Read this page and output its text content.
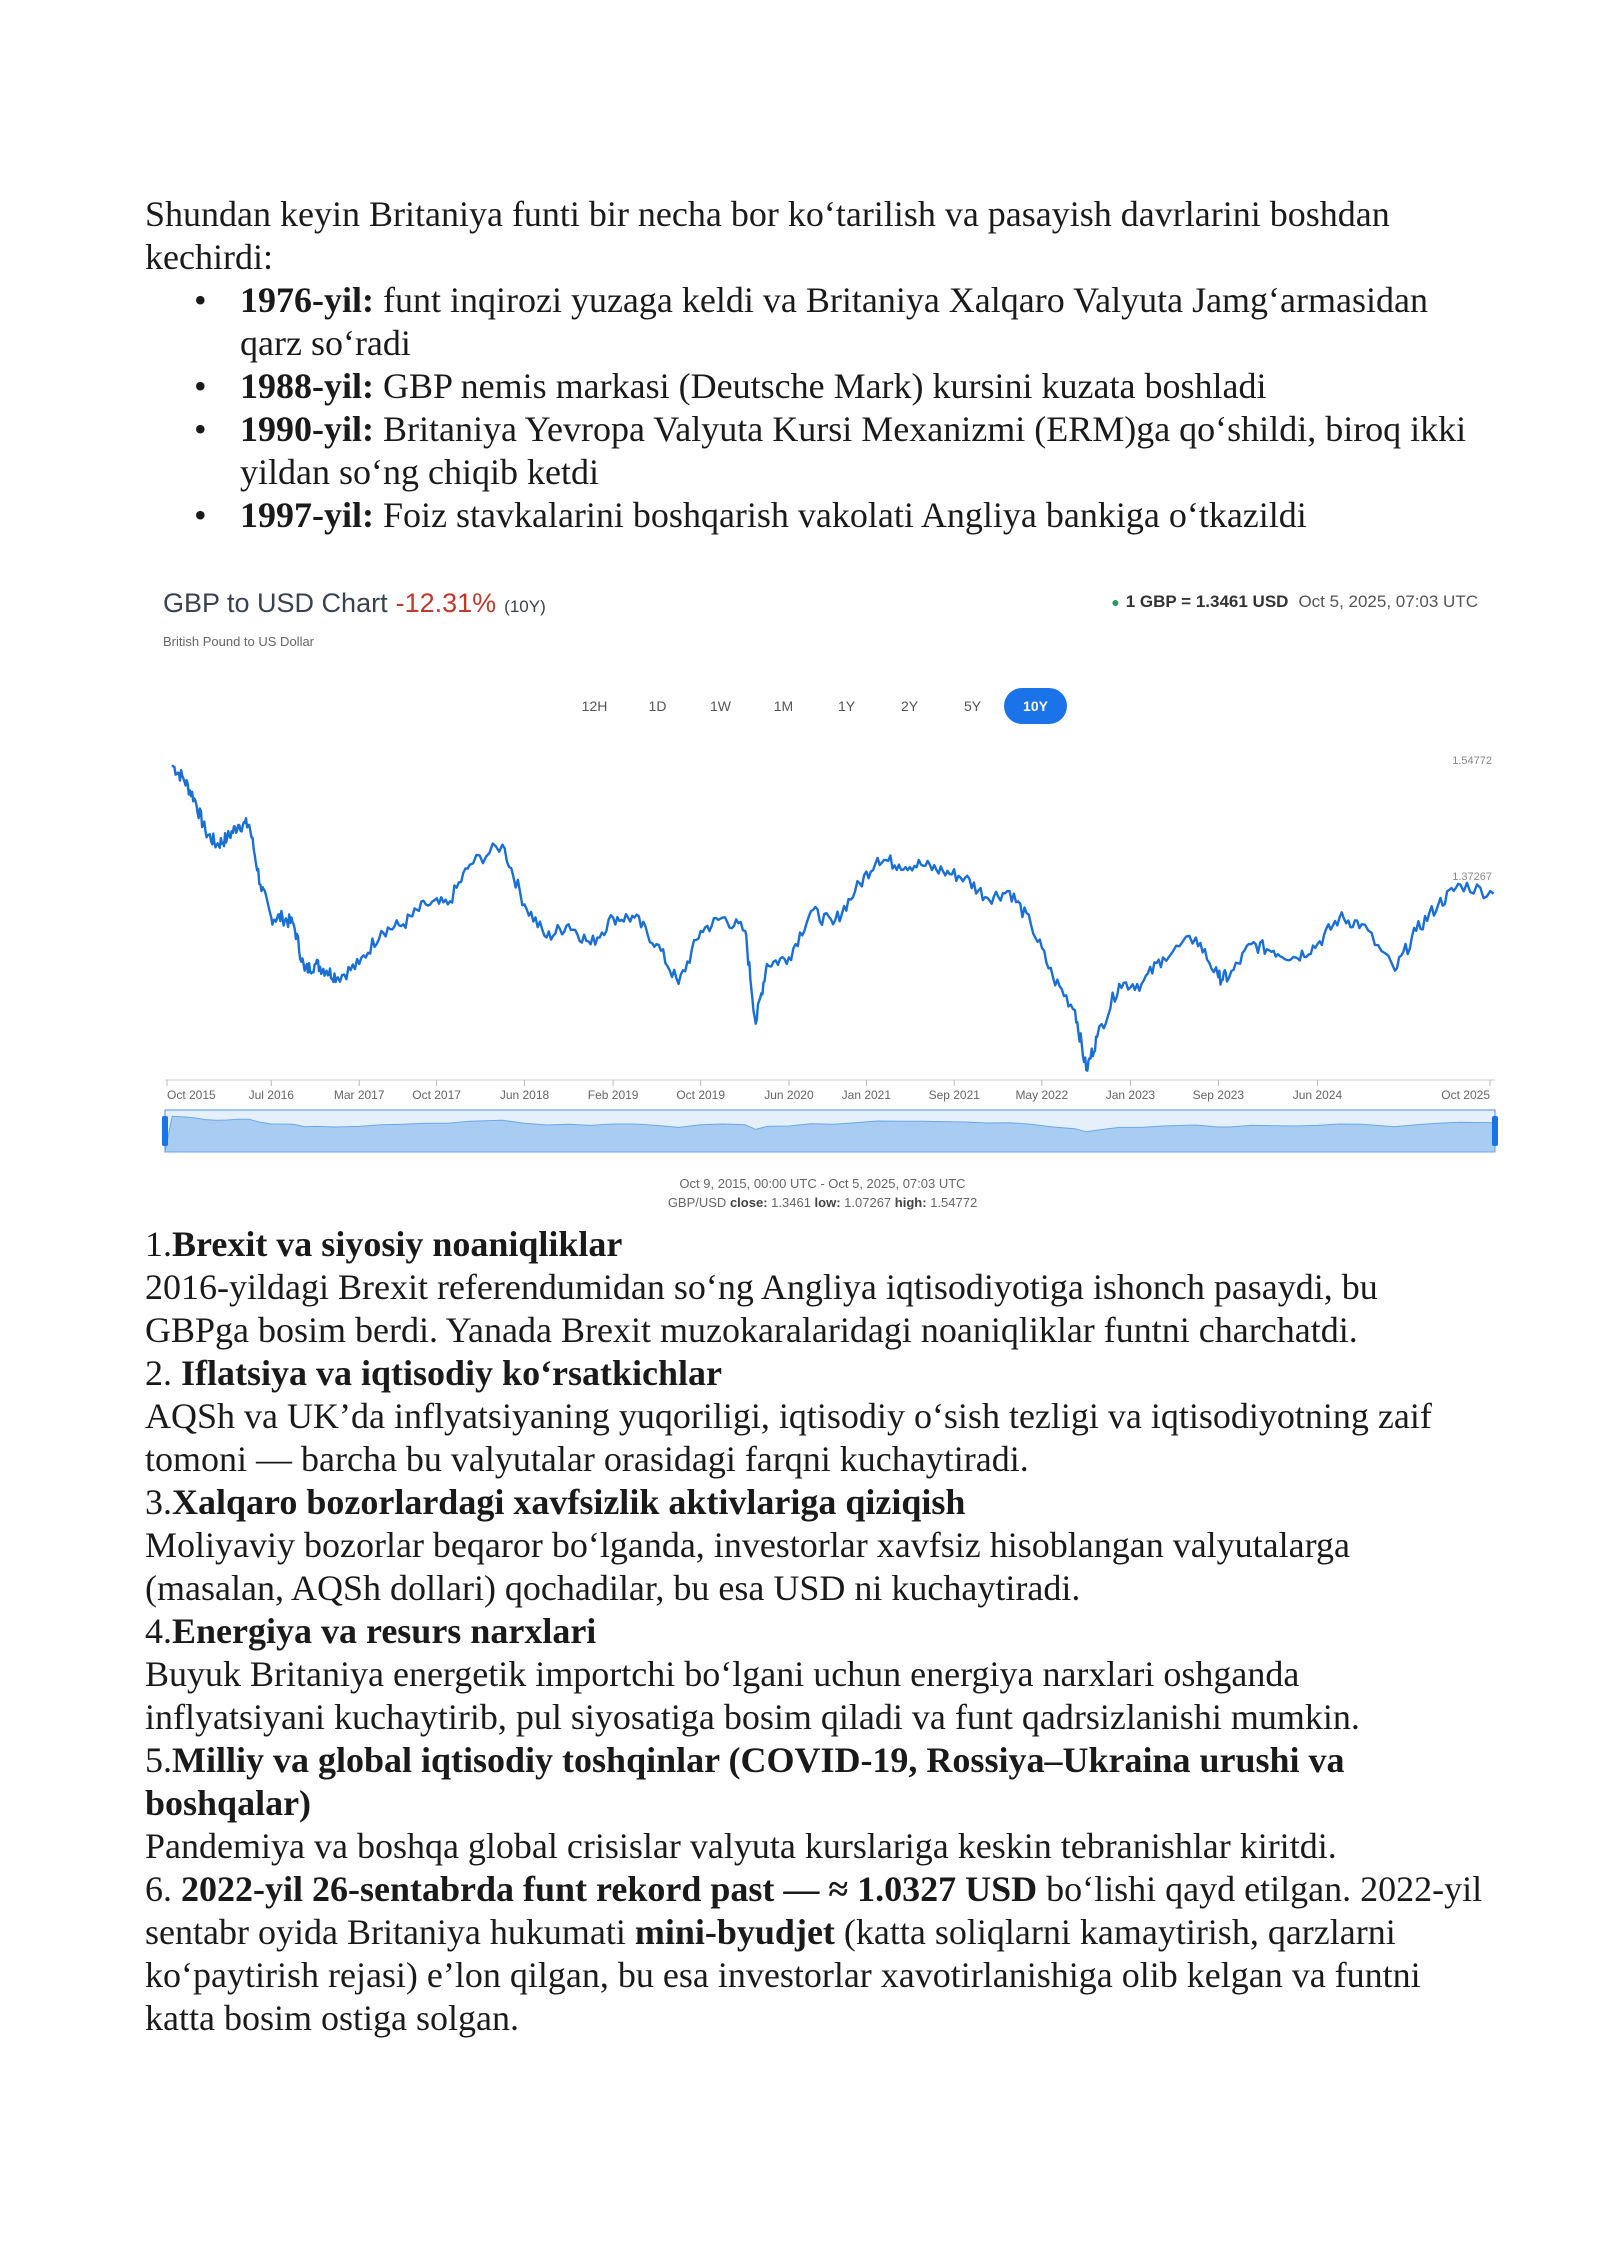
Shundan keyin Britaniya funti bir necha bor ko‘tarilish va pasayish davrlarini boshdan kechirdi:
• 1976-yil: funt inqirozi yuzaga keldi va Britaniya Xalqaro Valyuta Jamg‘armasidan qarz so‘radi
• 1988-yil: GBP nemis markasi (Deutsche Mark) kursini kuzata boshladi
• 1990-yil: Britaniya Yevropa Valyuta Kursi Mexanizmi (ERM)ga qo‘shildi, biroq ikki yildan so‘ng chiqib ketdi
• 1997-yil: Foiz stavkalarini boshqarish vakolati Angliya bankiga o‘tkazildi
GBP to USD Chart -12.31% (10Y)
British Pound to US Dollar
● 1 GBP = 1.3461 USD Oct 5, 2025, 07:03 UTC
12H	1D	1W	1M	1Y	2Y	5Y	10Y
1.54772
1.37267
Oct 2015	Jul 2016	Mar 2017 Oct 2017	Jun 2018	Feb 2019	Oct 2019	Jun 2020 Jan 2021	Sep 2021	May 2022	Jan 2023	Sep 2023	Jun 2024	Oct 2025
Oct 9, 2015, 00:00 UTC - Oct 5, 2025, 07:03 UTC
GBP/USD close: 1.3461 low: 1.07267 high: 1.54772

1.Brexit va siyosiy noaniqliklar

2016-yildagi Brexit referendumidan so‘ng Angliya iqtisodiyotiga ishonch pasaydi, bu GBPga bosim berdi. Yanada Brexit muzokaralaridagi noaniqliklar funtni charchatdi.

2. Iflatsiya va iqtisodiy ko‘rsatkichlar

AQSh va UK’da inflyatsiyaning yuqoriligi, iqtisodiy o‘sish tezligi va iqtisodiyotning zaif tomoni — barcha bu valyutalar orasidagi farqni kuchaytiradi.

3.Xalqaro bozorlardagi xavfsizlik aktivlariga qiziqish

Moliyaviy bozorlar beqaror bo‘lganda, investorlar xavfsiz hisoblangan valyutalarga (masalan, AQSh dollari) qochadilar, bu esa USD ni kuchaytiradi.

4.Energiya va resurs narxlari

Buyuk Britaniya energetik importchi bo‘lgani uchun energiya narxlari oshganda inflyatsiyani kuchaytirib, pul siyosatiga bosim qiladi va funt qadrsizlanishi mumkin.

5.Milliy va global iqtisodiy toshqinlar (COVID-19, Rossiya–Ukraina urushi va boshqalar)

Pandemiya va boshqa global crisislar valyuta kurslariga keskin tebranishlar kiritdi.

6. 2022-yil 26-sentabrda funt rekord past — ≈ 1.0327 USD bo‘lishi qayd etilgan. 2022-yil sentabr oyida Britaniya hukumati mini-byudjet (katta soliqlarni kamaytirish, qarzlarni ko‘paytirish rejasi) e’lon qilgan, bu esa investorlar xavotirlanishiga olib kelgan va funtni katta bosim ostiga solgan.
